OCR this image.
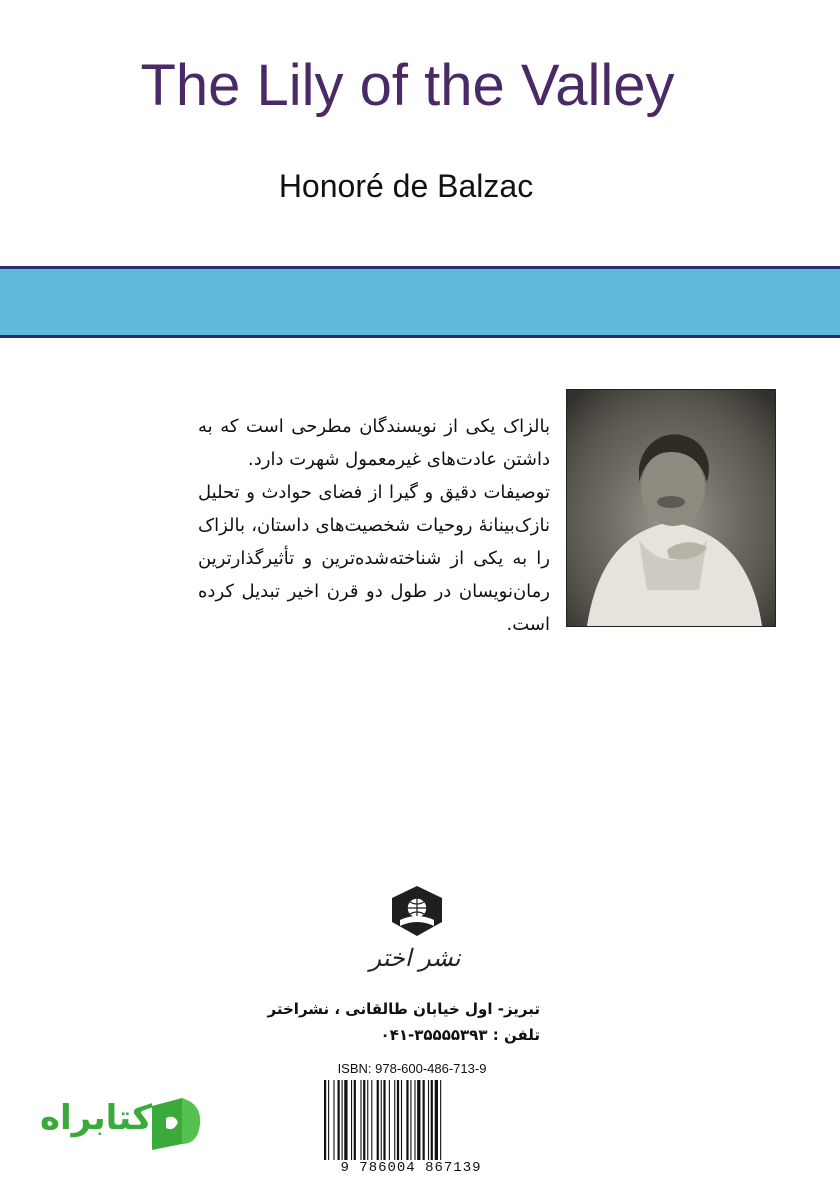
The Lily of the Valley
Honoré de Balzac

بالزاک یکی از نویسندگان مطرحی است که به داشتن عادت‌های غیرمعمول شهرت دارد.

توصیفات دقیق و گیرا از فضای حوادث و تحلیل نازک‌بینانهٔ روحیات شخصیت‌های داستان، بالزاک را به یکی از شناخته‌شده‌ترین و تأثیرگذارترین رمان‌نویسان در طول دو قرن اخیر تبدیل کرده است.

نشر اختر
تبریز- اول خیابان طالقانی ، نشراختر
تلفن : ۳۵۵۵۵۳۹۳-۰۴۱
ISBN: 978-600-486-713-9
9 786004 867139
کتابراه
